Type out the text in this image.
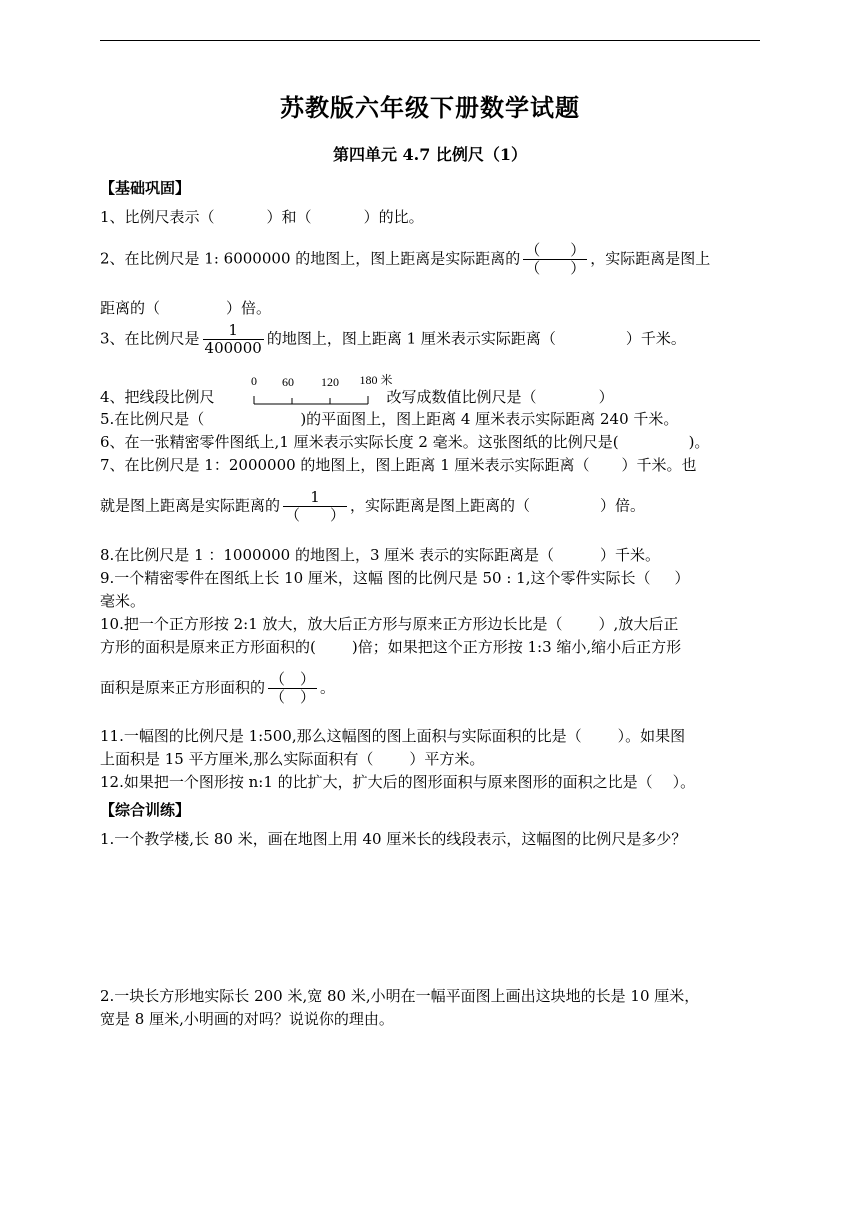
苏教版六年级下册数学试题
第四单元 4.7 比例尺（1）
【基础巩固】
1、比例尺表示（	）和（	）的比。
2、在比例尺是 1: 6000000 的地图上，图上距离是实际距离的 $\frac{( )}{( )}$ ，实际距离是图上
距离的（	）倍。
3、在比例尺是 $\frac{1}{400000}$ 的地图上，图上距离 1 厘米表示实际距离（	）千米。
4、把线段比例尺	改写成数值比例尺是（	）
0 60 120 180 米
5.在比例尺是（	)的平面图上，图上距离 4 厘米表示实际距离 240 千米。
6、在一张精密零件图纸上,1 厘米表示实际长度 2 毫米。这张图纸的比例尺是(	)。
7、在比例尺是 1：2000000 的地图上，图上距离 1 厘米表示实际距离（ ）千米。也
就是图上距离是实际距离的 $\frac{1}{( )}$ ，实际距离是图上距离的（	）倍。
8.在比例尺是 1 ：1000000 的地图上，3 厘米 表示的实际距离是（	）千米。
9.一个精密零件在图纸上长 10 厘米，这幅 图的比例尺是 50 : 1,这个零件实际长（ ）
毫米。
10.把一个正方形按 2:1 放大，放大后正方形与原来正方形边长比是（ ）,放大后正
方形的面积是原来正方形面积的( )倍；如果把这个正方形按 1:3 缩小,缩小后正方形
面积是原来正方形面积的 $\frac{( )}{( )}$ 。
11.一幅图的比例尺是 1:500,那么这幅图的图上面积与实际面积的比是（ ）。如果图
上面积是 15 平方厘米,那么实际面积有（ ）平方米。
12.如果把一个图形按 n:1 的比扩大，扩大后的图形面积与原来图形的面积之比是（ ）。
【综合训练】
1.一个教学楼,长 80 米，画在地图上用 40 厘米长的线段表示，这幅图的比例尺是多少？
2.一块长方形地实际长 200 米,宽 80 米,小明在一幅平面图上画出这块地的长是 10 厘米，
宽是 8 厘米,小明画的对吗？说说你的理由。
